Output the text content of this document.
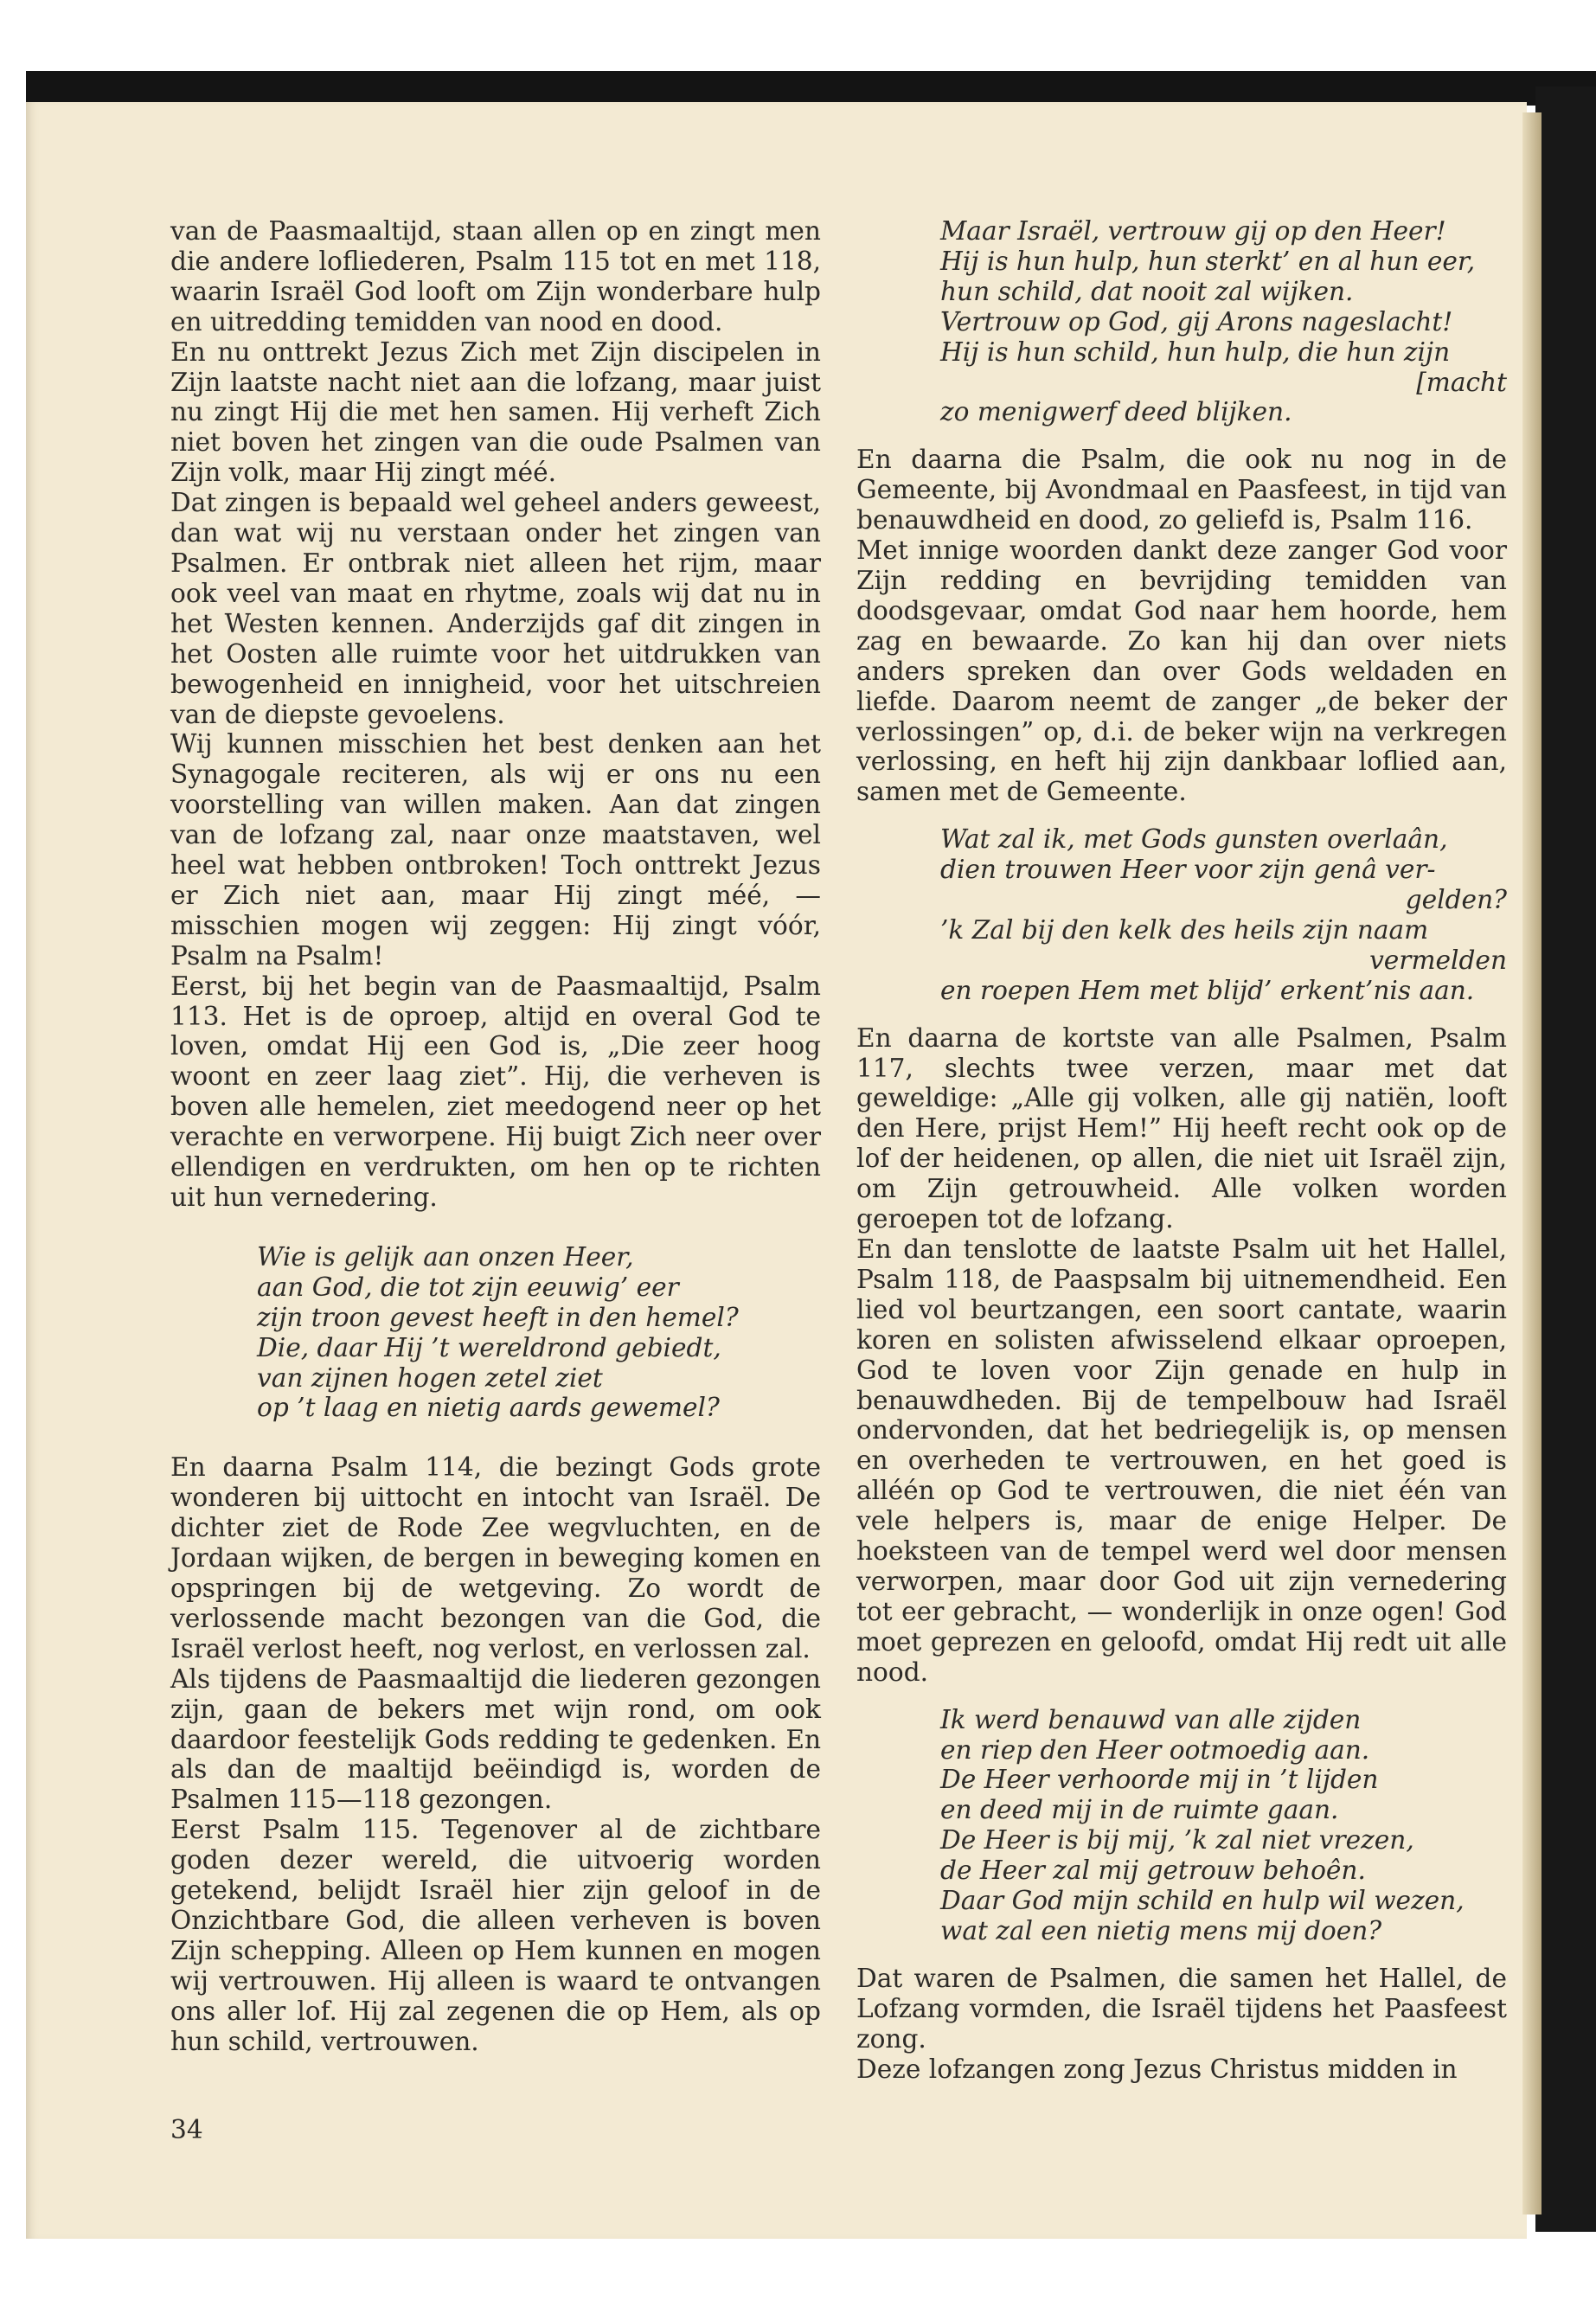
van de Paasmaaltijd, staan allen op en zingt men die andere lofliederen, Psalm 115 tot en met 118, waarin Israël God looft om Zijn wonderbare hulp en uitredding temidden van nood en dood.

En nu onttrekt Jezus Zich met Zijn discipelen in Zijn laatste nacht niet aan die lofzang, maar juist nu zingt Hij die met hen samen. Hij verheft Zich niet boven het zingen van die oude Psalmen van Zijn volk, maar Hij zingt méé.

Dat zingen is bepaald wel geheel anders geweest, dan wat wij nu verstaan onder het zingen van Psalmen. Er ontbrak niet alleen het rijm, maar ook veel van maat en rhytme, zoals wij dat nu in het Westen kennen. Anderzijds gaf dit zingen in het Oosten alle ruimte voor het uitdrukken van bewogenheid en innigheid, voor het uitschreien van de diepste gevoelens.

Wij kunnen misschien het best denken aan het Synagogale reciteren, als wij er ons nu een voorstelling van willen maken. Aan dat zingen van de lofzang zal, naar onze maatstaven, wel heel wat hebben ontbroken! Toch onttrekt Jezus er Zich niet aan, maar Hij zingt méé, — misschien mogen wij zeggen: Hij zingt vóór, Psalm na Psalm!

Eerst, bij het begin van de Paasmaaltijd, Psalm 113. Het is de oproep, altijd en overal God te loven, omdat Hij een God is, „Die zeer hoog woont en zeer laag ziet”. Hij, die verheven is boven alle hemelen, ziet meedogend neer op het verachte en verworpene. Hij buigt Zich neer over ellendigen en verdrukten, om hen op te richten uit hun vernedering.

Wie is gelijk aan onzen Heer,
aan God, die tot zijn eeuwig’ eer
zijn troon gevest heeft in den hemel?
Die, daar Hij ’t wereldrond gebiedt,
van zijnen hogen zetel ziet
op ’t laag en nietig aards gewemel?

En daarna Psalm 114, die bezingt Gods grote wonderen bij uittocht en intocht van Israël. De dichter ziet de Rode Zee wegvluchten, en de Jordaan wijken, de bergen in beweging komen en opspringen bij de wetgeving. Zo wordt de verlossende macht bezongen van die God, die Israël verlost heeft, nog verlost, en verlossen zal.

Als tijdens de Paasmaaltijd die liederen gezongen zijn, gaan de bekers met wijn rond, om ook daardoor feestelijk Gods redding te gedenken. En als dan de maaltijd beëindigd is, worden de Psalmen 115—118 gezongen.

Eerst Psalm 115. Tegenover al de zichtbare goden dezer wereld, die uitvoerig worden getekend, belijdt Israël hier zijn geloof in de Onzichtbare God, die alleen verheven is boven Zijn schepping. Alleen op Hem kunnen en mogen wij vertrouwen. Hij alleen is waard te ontvangen ons aller lof. Hij zal zegenen die op Hem, als op hun schild, vertrouwen.

34
Maar Israël, vertrouw gij op den Heer!
Hij is hun hulp, hun sterkt’ en al hun eer,
hun schild, dat nooit zal wijken.
Vertrouw op God, gij Arons nageslacht!
Hij is hun schild, hun hulp, die hun zijn
[macht
zo menigwerf deed blijken.

En daarna die Psalm, die ook nu nog in de Gemeente, bij Avondmaal en Paasfeest, in tijd van benauwdheid en dood, zo geliefd is, Psalm 116.

Met innige woorden dankt deze zanger God voor Zijn redding en bevrijding temidden van doodsgevaar, omdat God naar hem hoorde, hem zag en bewaarde. Zo kan hij dan over niets anders spreken dan over Gods weldaden en liefde. Daarom neemt de zanger „de beker der verlossingen” op, d.i. de beker wijn na verkregen verlossing, en heft hij zijn dankbaar loflied aan, samen met de Gemeente.

Wat zal ik, met Gods gunsten overlaân,
dien trouwen Heer voor zijn genâ ver-
gelden?
’k Zal bij den kelk des heils zijn naam
vermelden
en roepen Hem met blijd’ erkent’nis aan.

En daarna de kortste van alle Psalmen, Psalm 117, slechts twee verzen, maar met dat geweldige: „Alle gij volken, alle gij natiën, looft den Here, prijst Hem!” Hij heeft recht ook op de lof der heidenen, op allen, die niet uit Israël zijn, om Zijn getrouwheid. Alle volken worden geroepen tot de lofzang.

En dan tenslotte de laatste Psalm uit het Hallel, Psalm 118, de Paaspsalm bij uitnemendheid. Een lied vol beurtzangen, een soort cantate, waarin koren en solisten afwisselend elkaar oproepen, God te loven voor Zijn genade en hulp in benauwdheden. Bij de tempelbouw had Israël ondervonden, dat het bedriegelijk is, op mensen en overheden te vertrouwen, en het goed is alléén op God te vertrouwen, die niet één van vele helpers is, maar de enige Helper. De hoeksteen van de tempel werd wel door mensen verworpen, maar door God uit zijn vernedering tot eer gebracht, — wonderlijk in onze ogen! God moet geprezen en geloofd, omdat Hij redt uit alle nood.

Ik werd benauwd van alle zijden
en riep den Heer ootmoedig aan.
De Heer verhoorde mij in ’t lijden
en deed mij in de ruimte gaan.
De Heer is bij mij, ’k zal niet vrezen,
de Heer zal mij getrouw behoên.
Daar God mijn schild en hulp wil wezen,
wat zal een nietig mens mij doen?

Dat waren de Psalmen, die samen het Hallel, de Lofzang vormden, die Israël tijdens het Paasfeest zong.

Deze lofzangen zong Jezus Christus midden in
